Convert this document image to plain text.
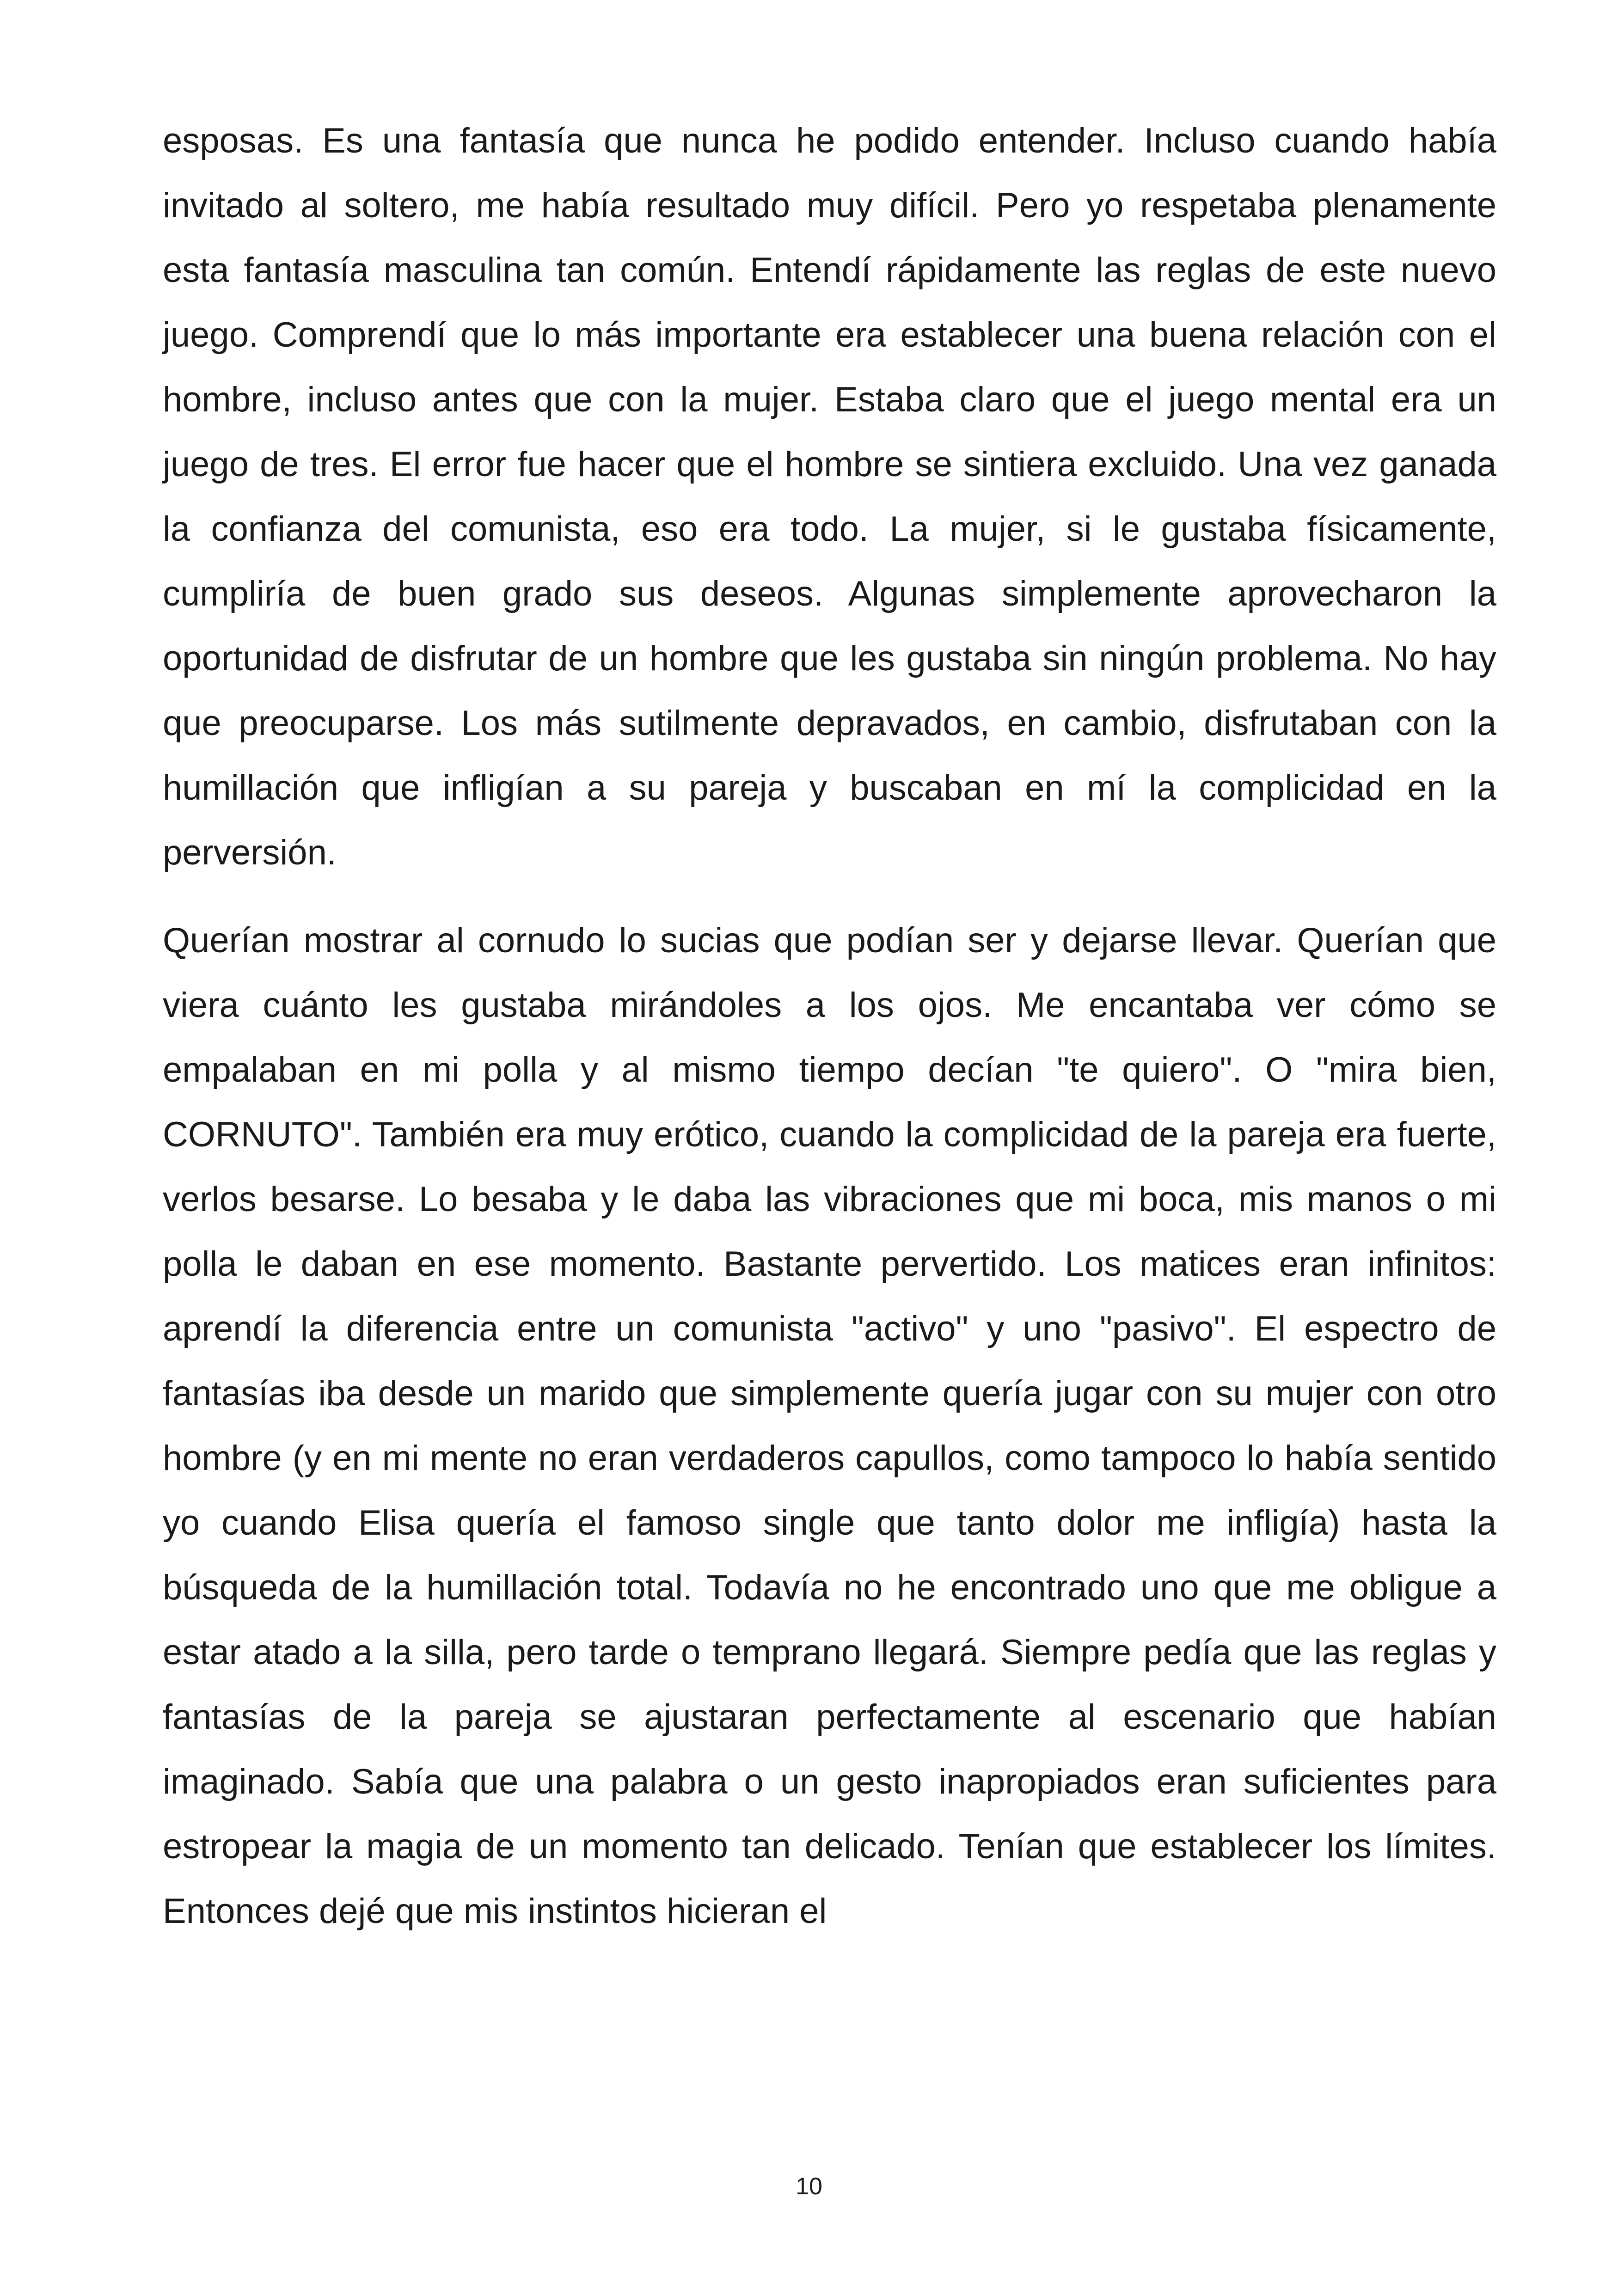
esposas. Es una fantasía que nunca he podido entender. Incluso cuando había invitado al soltero, me había resultado muy difícil. Pero yo respetaba plenamente esta fantasía masculina tan común. Entendí rápidamente las reglas de este nuevo juego. Comprendí que lo más importante era establecer una buena relación con el hombre, incluso antes que con la mujer. Estaba claro que el juego mental era un juego de tres. El error fue hacer que el hombre se sintiera excluido. Una vez ganada la confianza del comunista, eso era todo. La mujer, si le gustaba físicamente, cumpliría de buen grado sus deseos. Algunas simplemente aprovecharon la oportunidad de disfrutar de un hombre que les gustaba sin ningún problema. No hay que preocuparse. Los más sutilmente depravados, en cambio, disfrutaban con la humillación que infligían a su pareja y buscaban en mí la complicidad en la perversión.

Querían mostrar al cornudo lo sucias que podían ser y dejarse llevar. Querían que viera cuánto les gustaba mirándoles a los ojos. Me encantaba ver cómo se empalaban en mi polla y al mismo tiempo decían "te quiero". O "mira bien, CORNUTO". También era muy erótico, cuando la complicidad de la pareja era fuerte, verlos besarse. Lo besaba y le daba las vibraciones que mi boca, mis manos o mi polla le daban en ese momento. Bastante pervertido. Los matices eran infinitos: aprendí la diferencia entre un comunista "activo" y uno "pasivo". El espectro de fantasías iba desde un marido que simplemente quería jugar con su mujer con otro hombre (y en mi mente no eran verdaderos capullos, como tampoco lo había sentido yo cuando Elisa quería el famoso single que tanto dolor me infligía) hasta la búsqueda de la humillación total. Todavía no he encontrado uno que me obligue a estar atado a la silla, pero tarde o temprano llegará. Siempre pedía que las reglas y fantasías de la pareja se ajustaran perfectamente al escenario que habían imaginado. Sabía que una palabra o un gesto inapropiados eran suficientes para estropear la magia de un momento tan delicado. Tenían que establecer los límites. Entonces dejé que mis instintos hicieran el

10
